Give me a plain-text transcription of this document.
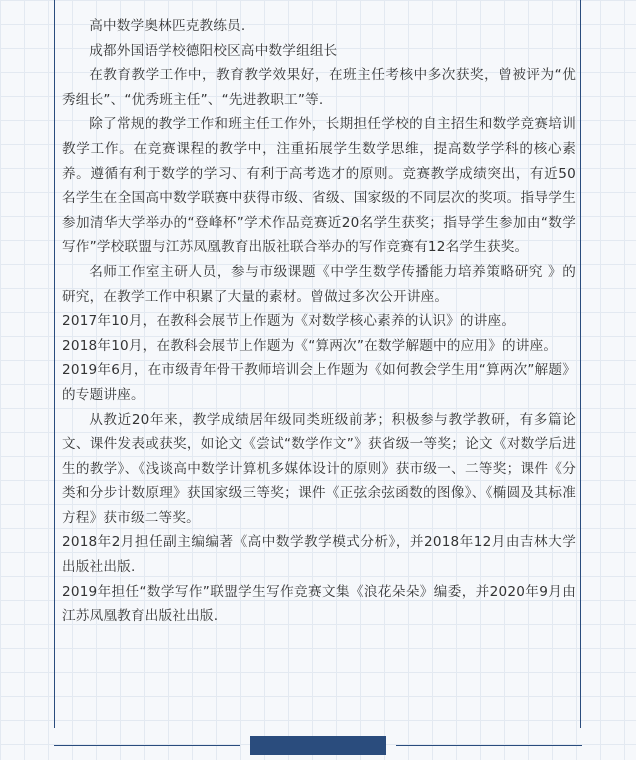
高中数学奥林匹克教练员.

成都外国语学校德阳校区高中数学组组长

在教育教学工作中，教育教学效果好，在班主任考核中多次获奖，曾被评为“优秀组长”、“优秀班主任”、“先进教职工”等.

除了常规的教学工作和班主任工作外，长期担任学校的自主招生和数学竞赛培训教学工作。在竞赛课程的教学中，注重拓展学生数学思维，提高数学学科的核心素养。遵循有利于数学的学习、有利于高考选才的原则。竞赛教学成绩突出，有近50名学生在全国高中数学联赛中获得市级、省级、国家级的不同层次的奖项。指导学生参加清华大学举办的“登峰杯”学术作品竞赛近20名学生获奖；指导学生参加由“数学写作”学校联盟与江苏凤凰教育出版社联合举办的写作竞赛有12名学生获奖。

名师工作室主研人员，参与市级课题《中学生数学传播能力培养策略研究 》的研究，在教学工作中积累了大量的素材。曾做过多次公开讲座。

2017年10月，在教科会展节上作题为《对数学核心素养的认识》的讲座。

2018年10月，在教科会展节上作题为《“算两次”在数学解题中的应用》的讲座。

2019年6月，在市级青年骨干教师培训会上作题为《如何教会学生用“算两次”解题》的专题讲座。

从教近20年来，教学成绩居年级同类班级前茅；积极参与教学教研，有多篇论文、课件发表或获奖，如论文《尝试“数学作文”》获省级一等奖；论文《对数学后进生的教学》、《浅谈高中数学计算机多媒体设计的原则》获市级一、二等奖；课件《分类和分步计数原理》获国家级三等奖；课件《正弦余弦函数的图像》、《椭圆及其标准方程》获市级二等奖。

2018年2月担任副主编编著《高中数学教学模式分析》，并2018年12月由吉林大学出版社出版.

2019年担任“数学写作”联盟学生写作竞赛文集《浪花朵朵》编委，并2020年9月由江苏凤凰教育出版社出版.
